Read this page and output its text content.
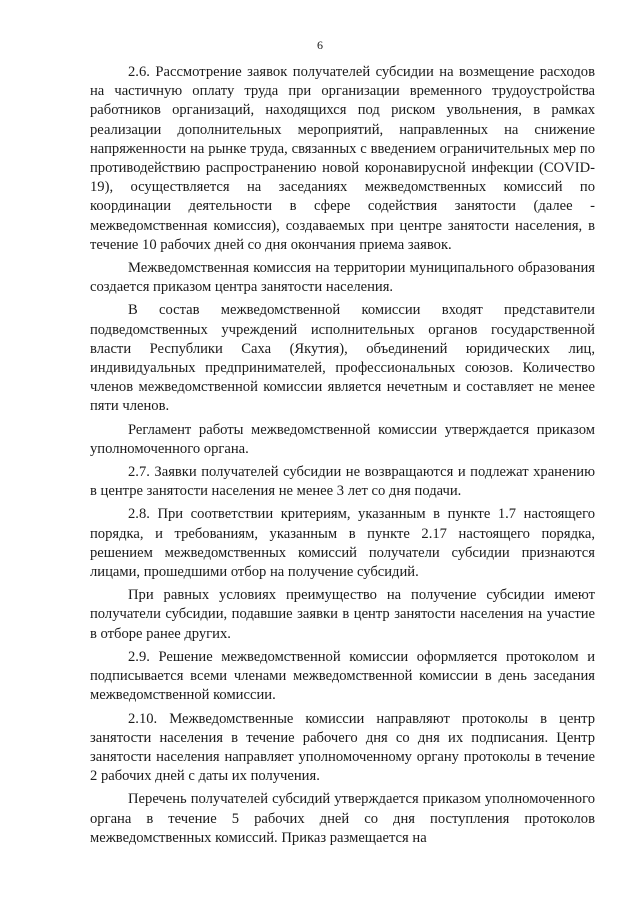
6

2.6. Рассмотрение заявок получателей субсидии на возмещение расходов на частичную оплату труда при организации временного трудоустройства работников организаций, находящихся под риском увольнения, в рамках реализации дополнительных мероприятий, направленных на снижение напряженности на рынке труда, связанных с введением ограничительных мер по противодействию распространению новой коронавирусной инфекции (COVID-19), осуществляется на заседаниях межведомственных комиссий по координации деятельности в сфере содействия занятости (далее - межведомственная комиссия), создаваемых при центре занятости населения, в течение 10 рабочих дней со дня окончания приема заявок.

Межведомственная комиссия на территории муниципального образования создается приказом центра занятости населения.

В состав межведомственной комиссии входят представители подведомственных учреждений исполнительных органов государственной власти Республики Саха (Якутия), объединений юридических лиц, индивидуальных предпринимателей, профессиональных союзов. Количество членов межведомственной комиссии является нечетным и составляет не менее пяти членов.

Регламент работы межведомственной комиссии утверждается приказом уполномоченного органа.

2.7. Заявки получателей субсидии не возвращаются и подлежат хранению в центре занятости населения не менее 3 лет со дня подачи.

2.8. При соответствии критериям, указанным в пункте 1.7 настоящего порядка, и требованиям, указанным в пункте 2.17 настоящего порядка, решением межведомственных комиссий получатели субсидии признаются лицами, прошедшими отбор на получение субсидий.

При равных условиях преимущество на получение субсидии имеют получатели субсидии, подавшие заявки в центр занятости населения на участие в отборе ранее других.

2.9. Решение межведомственной комиссии оформляется протоколом и подписывается всеми членами межведомственной комиссии в день заседания межведомственной комиссии.

2.10. Межведомственные комиссии направляют протоколы в центр занятости населения в течение рабочего дня со дня их подписания. Центр занятости населения направляет уполномоченному органу протоколы в течение 2 рабочих дней с даты их получения.

Перечень получателей субсидий утверждается приказом уполномоченного органа в течение 5 рабочих дней со дня поступления протоколов межведомственных комиссий. Приказ размещается на
